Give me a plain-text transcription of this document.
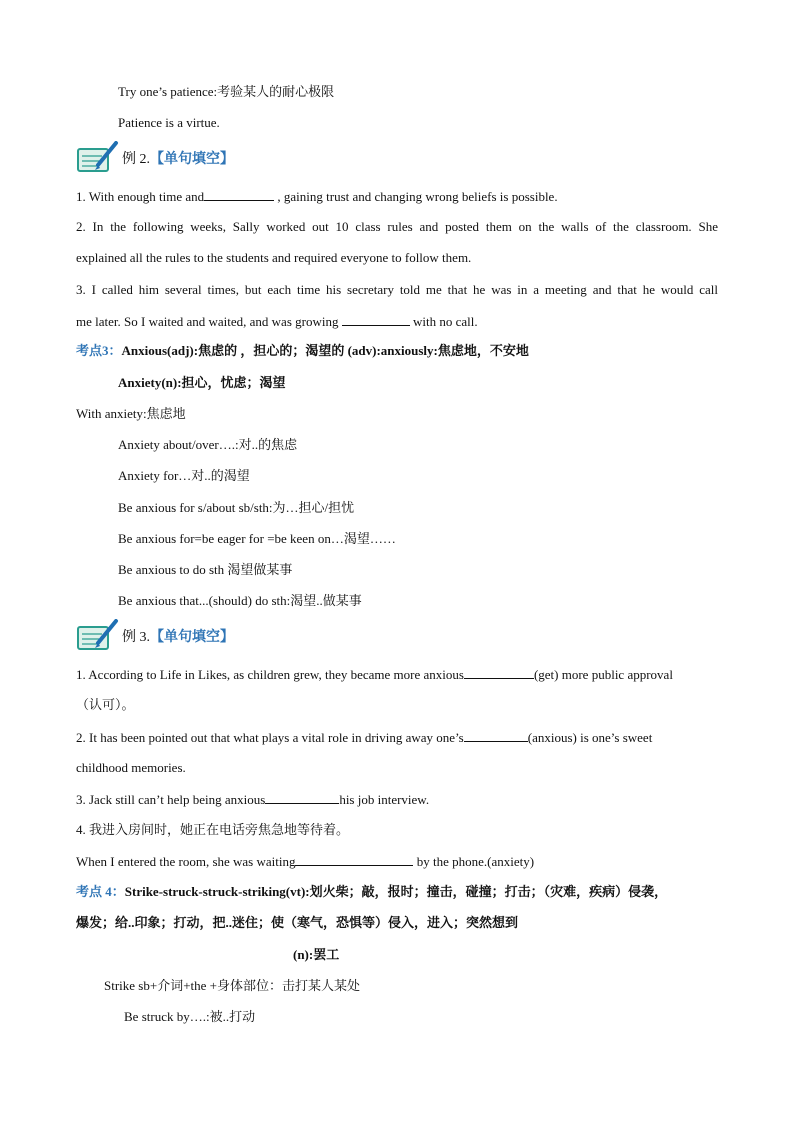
Try one’s patience:考验某人的耐心极限
Patience is a virtue.
例 2.【单句填空】
1. With enough time and	, gaining trust and changing wrong beliefs is possible.
2. In the following weeks, Sally worked out 10 class rules and posted them on the walls of the classroom. She
explained all the rules to the students and required everyone to follow them.
3. I called him several times, but each time his secretary told me that he was in a meeting and that he would call
me later. So I waited and waited, and was growing	with no call.
考点3：Anxious(adj):焦虑的 ，担心的；渴望的 (adv):anxiously:焦虑地，不安地
Anxiety(n):担心，忧虑；渴望
With anxiety:焦虑地
Anxiety about/over….:对..的焦虑
Anxiety for…对..的渴望
Be anxious for s/about sb/sth:为…担心/担忧
Be anxious for=be eager for =be keen on…渴望……
Be anxious to do sth 渴望做某事
Be anxious that...(should) do sth:渴望..做某事
例 3.【单句填空】
1. According to Life in Likes, as children grew, they became more anxious	(get) more public approval
（认可）。
2. It has been pointed out that what plays a vital role in driving away one’s	(anxious) is one’s sweet
childhood memories.
3. Jack still can’t help being anxious	his job interview.
4. 我进入房间时，她正在电话旁焦急地等待着。
When I entered the room, she was waiting	by the phone.(anxiety)
考点 4：Strike-struck-struck-striking(vt):划火柴；敲，报时；撞击，碰撞；打击；（灾难，疾病）侵袭，
爆发；给..印象；打动，把..迷住；使（寒气，恐惧等）侵入，进入；突然想到
(n):罢工
Strike sb+介词+the +身体部位：击打某人某处
Be struck by….:被..打动
